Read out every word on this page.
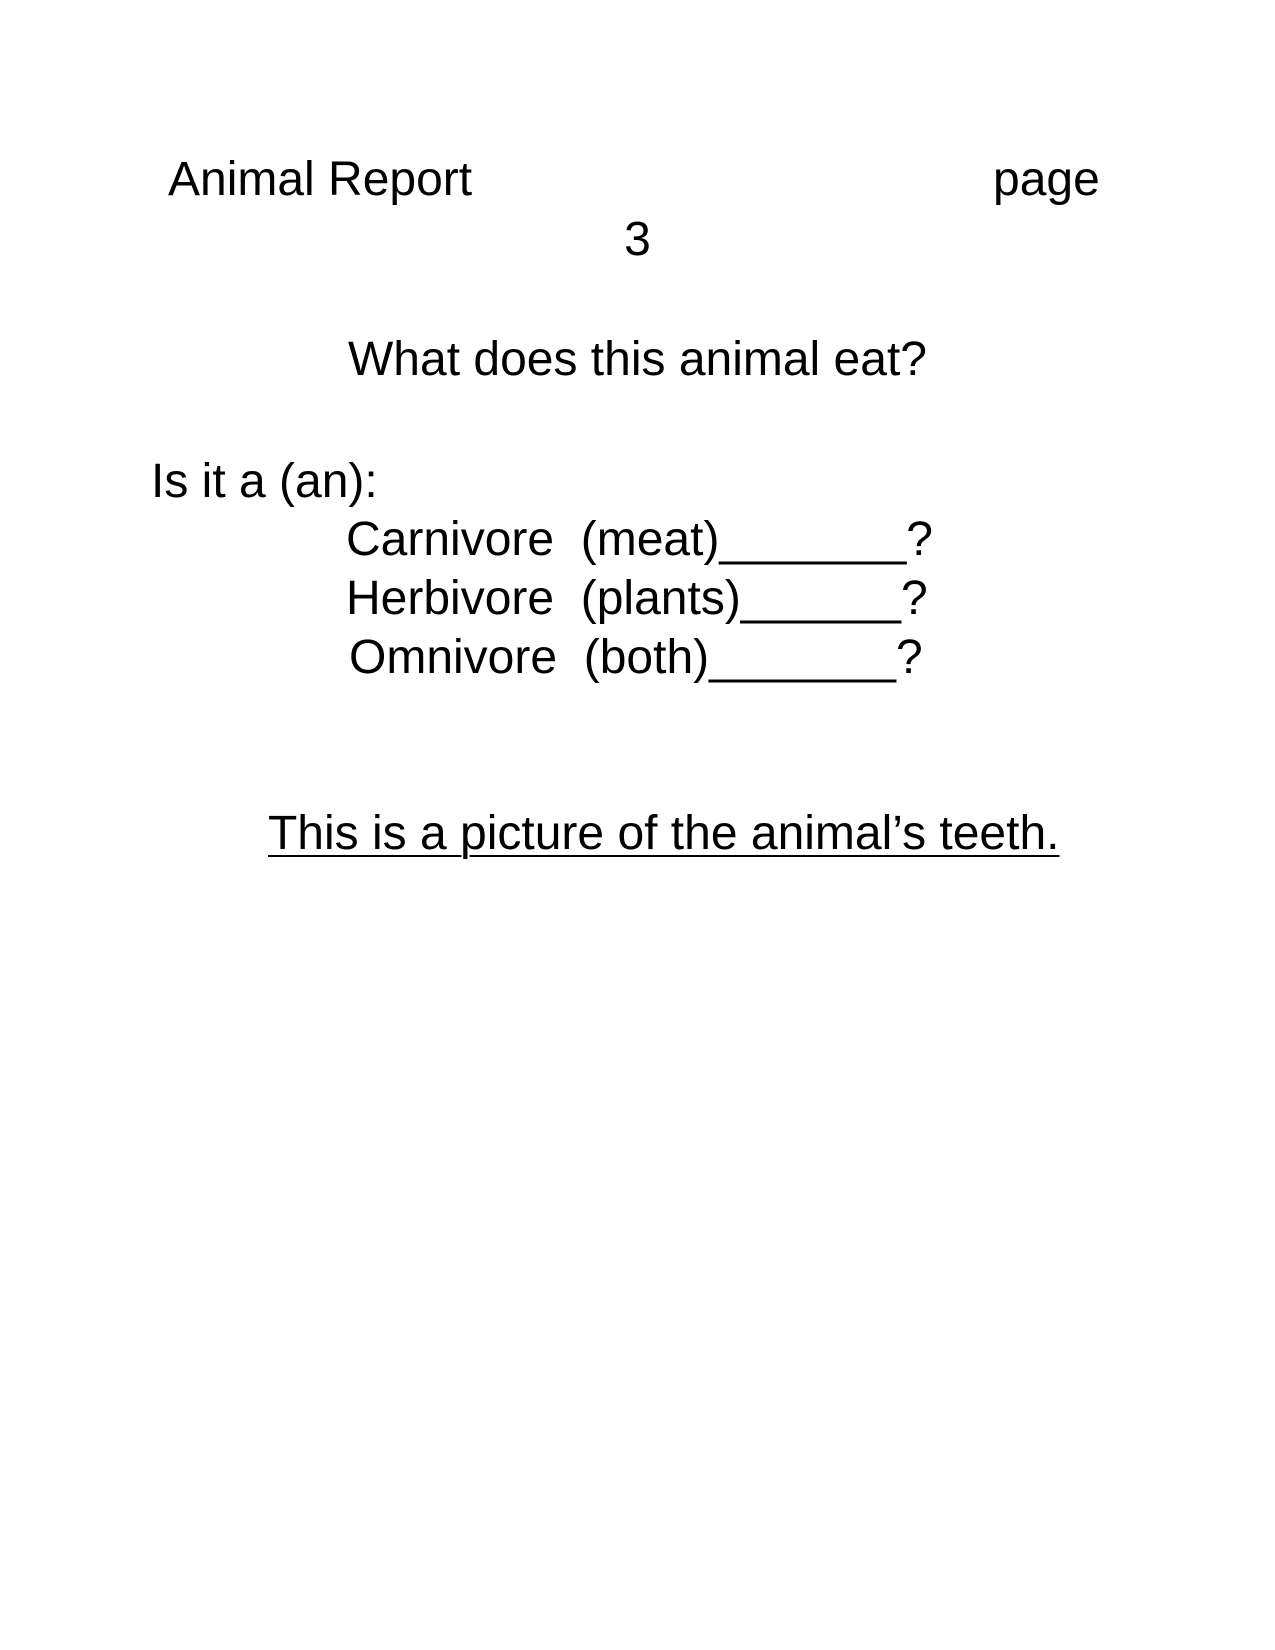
Animal Report	page
3
What does this animal eat?
Is it a (an):
Carnivore  (meat)_______?
Herbivore  (plants)______?
Omnivore  (both)_______?

This is a picture of the animal’s teeth.
